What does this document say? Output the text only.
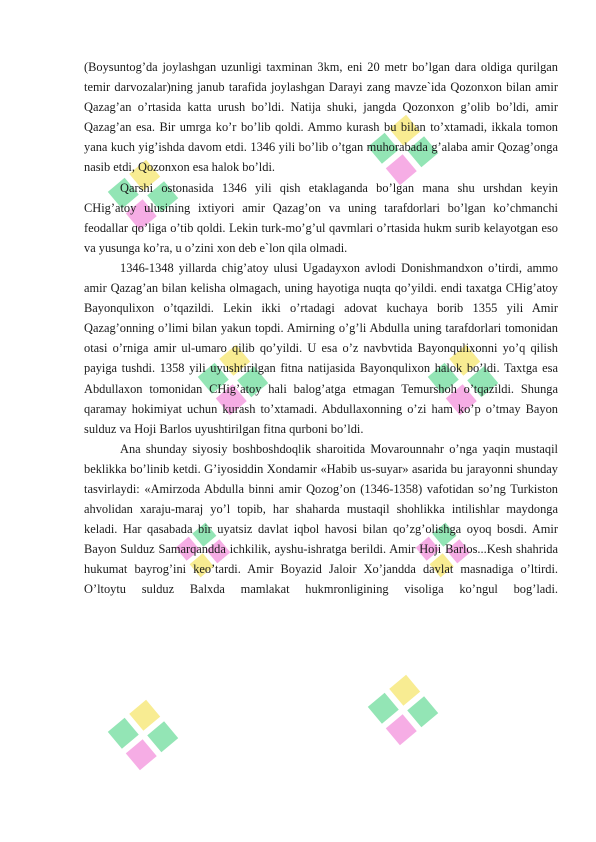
(Boysuntog’da joylashgan uzunligi taxminan 3km, eni 20 metr bo’lgan dara oldiga qurilgan temir darvozalar)ning janub tarafida joylashgan Darayi zang mavze`ida Qozonxon bilan amir Qazag’an o’rtasida katta urush bo’ldi. Natija shuki, jangda Qozonxon g’olib bo’ldi, amir Qazag’an esa. Bir umrga ko’r bo’lib qoldi. Ammo kurash bu bilan to’xtamadi, ikkala tomon yana kuch yig’ishda davom etdi. 1346 yili bo’lib o’tgan muhorabada g’alaba amir Qozag’onga nasib etdi, Qozonxon esa halok bo’ldi.

Qarshi ostonasida 1346 yili qish etaklaganda bo’lgan mana shu urshdan keyin CHig’atoy ulusining ixtiyori amir Qazag’on va uning tarafdorlari bo’lgan ko’chmanchi feodallar qo’liga o’tib qoldi. Lekin turk-mo’g’ul qavmlari o’rtasida hukm surib kelayotgan eso va yusunga ko’ra, u o’zini xon deb e`lon qila olmadi.

1346-1348 yillarda chig’atoy ulusi Ugadayxon avlodi Donishmandxon o’tirdi, ammo amir Qazag’an bilan kelisha olmagach, uning hayotiga nuqta qo’yildi. endi taxatga CHig’atoy Bayonqulixon o’tqazildi. Lekin ikki o’rtadagi adovat kuchaya borib 1355 yili Amir Qazag’onning o’limi bilan yakun topdi. Amirning o’g’li Abdulla uning tarafdorlari tomonidan otasi o’rniga amir ul-umaro qilib qo’yildi. U esa o’z navbvtida Bayonqulixonni yo’q qilish payiga tushdi. 1358 yili uyushtirilgan fitna natijasida Bayonqulixon halok bo’ldi. Taxtga esa Abdullaxon tomonidan CHig’atoy hali balog’atga etmagan Temurshoh o’tqazildi. Shunga qaramay hokimiyat uchun kurash to’xtamadi. Abdullaxonning o’zi ham ko’p o’tmay Bayon sulduz va Hoji Barlos uyushtirilgan fitna qurboni bo’ldi.

Ana shunday siyosiy boshboshdoqlik sharoitida Movarounnahr o’nga yaqin mustaqil beklikka bo’linib ketdi. G’iyosiddin Xondamir «Habib us-suyar» asarida bu jarayonni shunday tasvirlaydi: «Amirzoda Abdulla binni amir Qozog’on (1346-1358) vafotidan so’ng Turkiston ahvolidan xaraju-maraj yo’l topib, har shaharda mustaqil shohlikka intilishlar maydonga keladi. Har qasabada bir uyatsiz davlat iqbol havosi bilan qo’zg’olishga oyoq bosdi. Amir Bayon Sulduz Samarqandda ichkilik, ayshu-ishratga berildi. Amir Hoji Barlos...Kesh shahrida hukumat bayrog’ini keo’tardi. Amir Boyazid Jaloir Xo’jandda davlat masnadiga o’ltirdi. O’ltoytu sulduz Balxda mamlakat hukmronligining visoliga ko’ngul bog’ladi.
